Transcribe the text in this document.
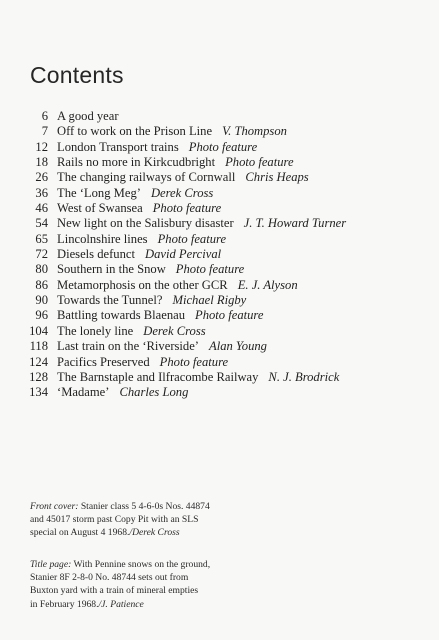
Contents
6 A good year
7 Off to work on the Prison Line V. Thompson
12 London Transport trains Photo feature
18 Rails no more in Kirkcudbright Photo feature
26 The changing railways of Cornwall Chris Heaps
36 The ‘Long Meg’ Derek Cross
46 West of Swansea Photo feature
54 New light on the Salisbury disaster J. T. Howard Turner
65 Lincolnshire lines Photo feature
72 Diesels defunct David Percival
80 Southern in the Snow Photo feature
86 Metamorphosis on the other GCR E. J. Alyson
90 Towards the Tunnel? Michael Rigby
96 Battling towards Blaenau Photo feature
104 The lonely line Derek Cross
118 Last train on the ‘Riverside’ Alan Young
124 Pacifics Preserved Photo feature
128 The Barnstaple and Ilfracombe Railway N. J. Brodrick
134 ‘Madame’ Charles Long

Front cover: Stanier class 5 4-6-0s Nos. 44874
and 45017 storm past Copy Pit with an SLS
special on August 4 1968./Derek Cross

Title page: With Pennine snows on the ground,
Stanier 8F 2-8-0 No. 48744 sets out from
Buxton yard with a train of mineral empties
in February 1968./J. Patience
